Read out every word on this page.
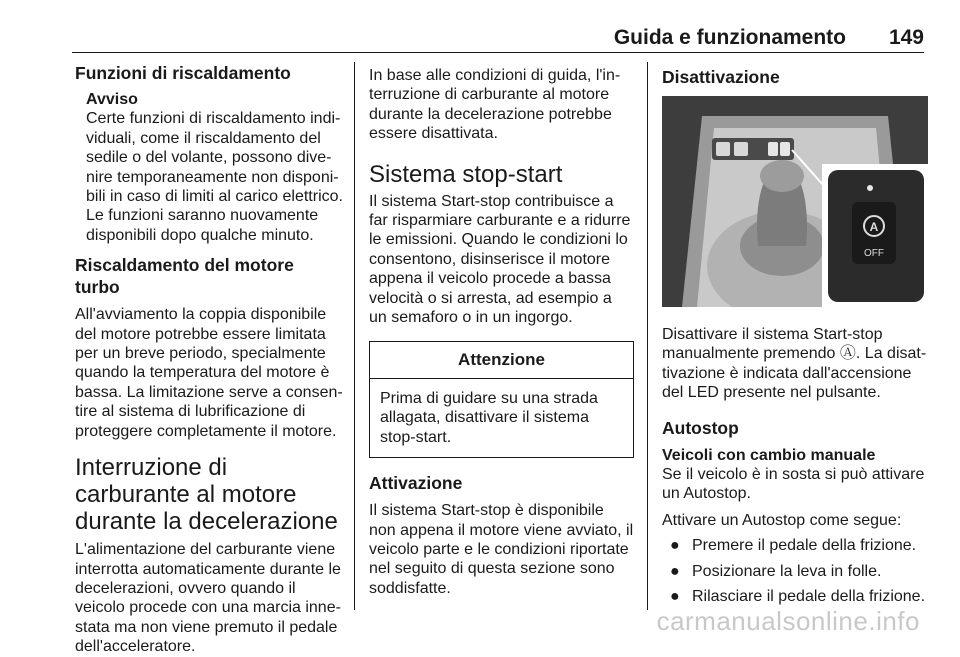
Guida e funzionamento 149
Funzioni di riscaldamento
Avviso

Certe funzioni di riscaldamento indi-viduali, come il riscaldamento del sedile o del volante, possono dive-nire temporaneamente non disponi-bili in caso di limiti al carico elettrico. Le funzioni saranno nuovamente disponibili dopo qualche minuto.

Riscaldamento del motore turbo

All'avviamento la coppia disponibile del motore potrebbe essere limitata per un breve periodo, specialmente quando la temperatura del motore è bassa. La limitazione serve a consen-tire al sistema di lubrificazione di proteggere completamente il motore.

Interruzione di carburante al motore durante la decelerazione

L'alimentazione del carburante viene interrotta automaticamente durante le decelerazioni, ovvero quando il veicolo procede con una marcia inne-stata ma non viene premuto il pedale dell'acceleratore.

In base alle condizioni di guida, l'in-terruzione di carburante al motore durante la decelerazione potrebbe essere disattivata.

Sistema stop-start

Il sistema Start-stop contribuisce a far risparmiare carburante e a ridurre le emissioni. Quando le condizioni lo consentono, disinserisce il motore appena il veicolo procede a bassa velocità o si arresta, ad esempio a un semaforo o in un ingorgo.

Attenzione
Prima di guidare su una strada allagata, disattivare il sistema stop-start.
Attivazione

Il sistema Start-stop è disponibile non appena il motore viene avviato, il veicolo parte e le condizioni riportate nel seguito di questa sezione sono soddisfatte.

Disattivazione
A
OFF

Disattivare il sistema Start-stop manualmente premendo Ⓐ. La disat-tivazione è indicata dall'accensione del LED presente nel pulsante.

Autostop
Veicoli con cambio manuale

Se il veicolo è in sosta si può attivare un Autostop.

Attivare un Autostop come segue:

● Premere il pedale della frizione.
● Posizionare la leva in folle.
● Rilasciare il pedale della frizione.
carmanualsonline.info
